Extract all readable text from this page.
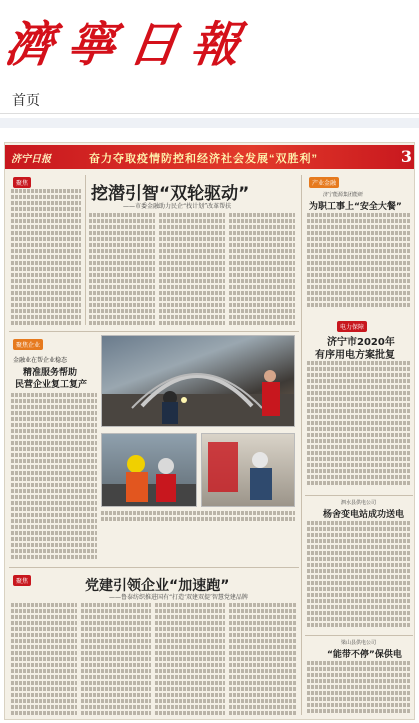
濟寧日報
首页
济宁日报	奋力夺取疫情防控和经济社会发展“双胜利”	3
聚焦	挖潜引智“双轮驱动”
——市委金融助力民企“找计划”改革帮扶
产业金融
济宁能源集团能研
为职工事上“安全大餐”
电力保障
济宁市2020年
有序用电方案批复
泗水县供电公司
杨舍变电站成功送电
梁山县供电公司
“能带不停”保供电
聚焦企业
金融业在帮企业稳态
精准服务帮助
民营企业复工复产
聚焦	党建引领企业“加速跑”
——鲁泰纺织推进国有“打造‘双建双提’智慧党建品牌
